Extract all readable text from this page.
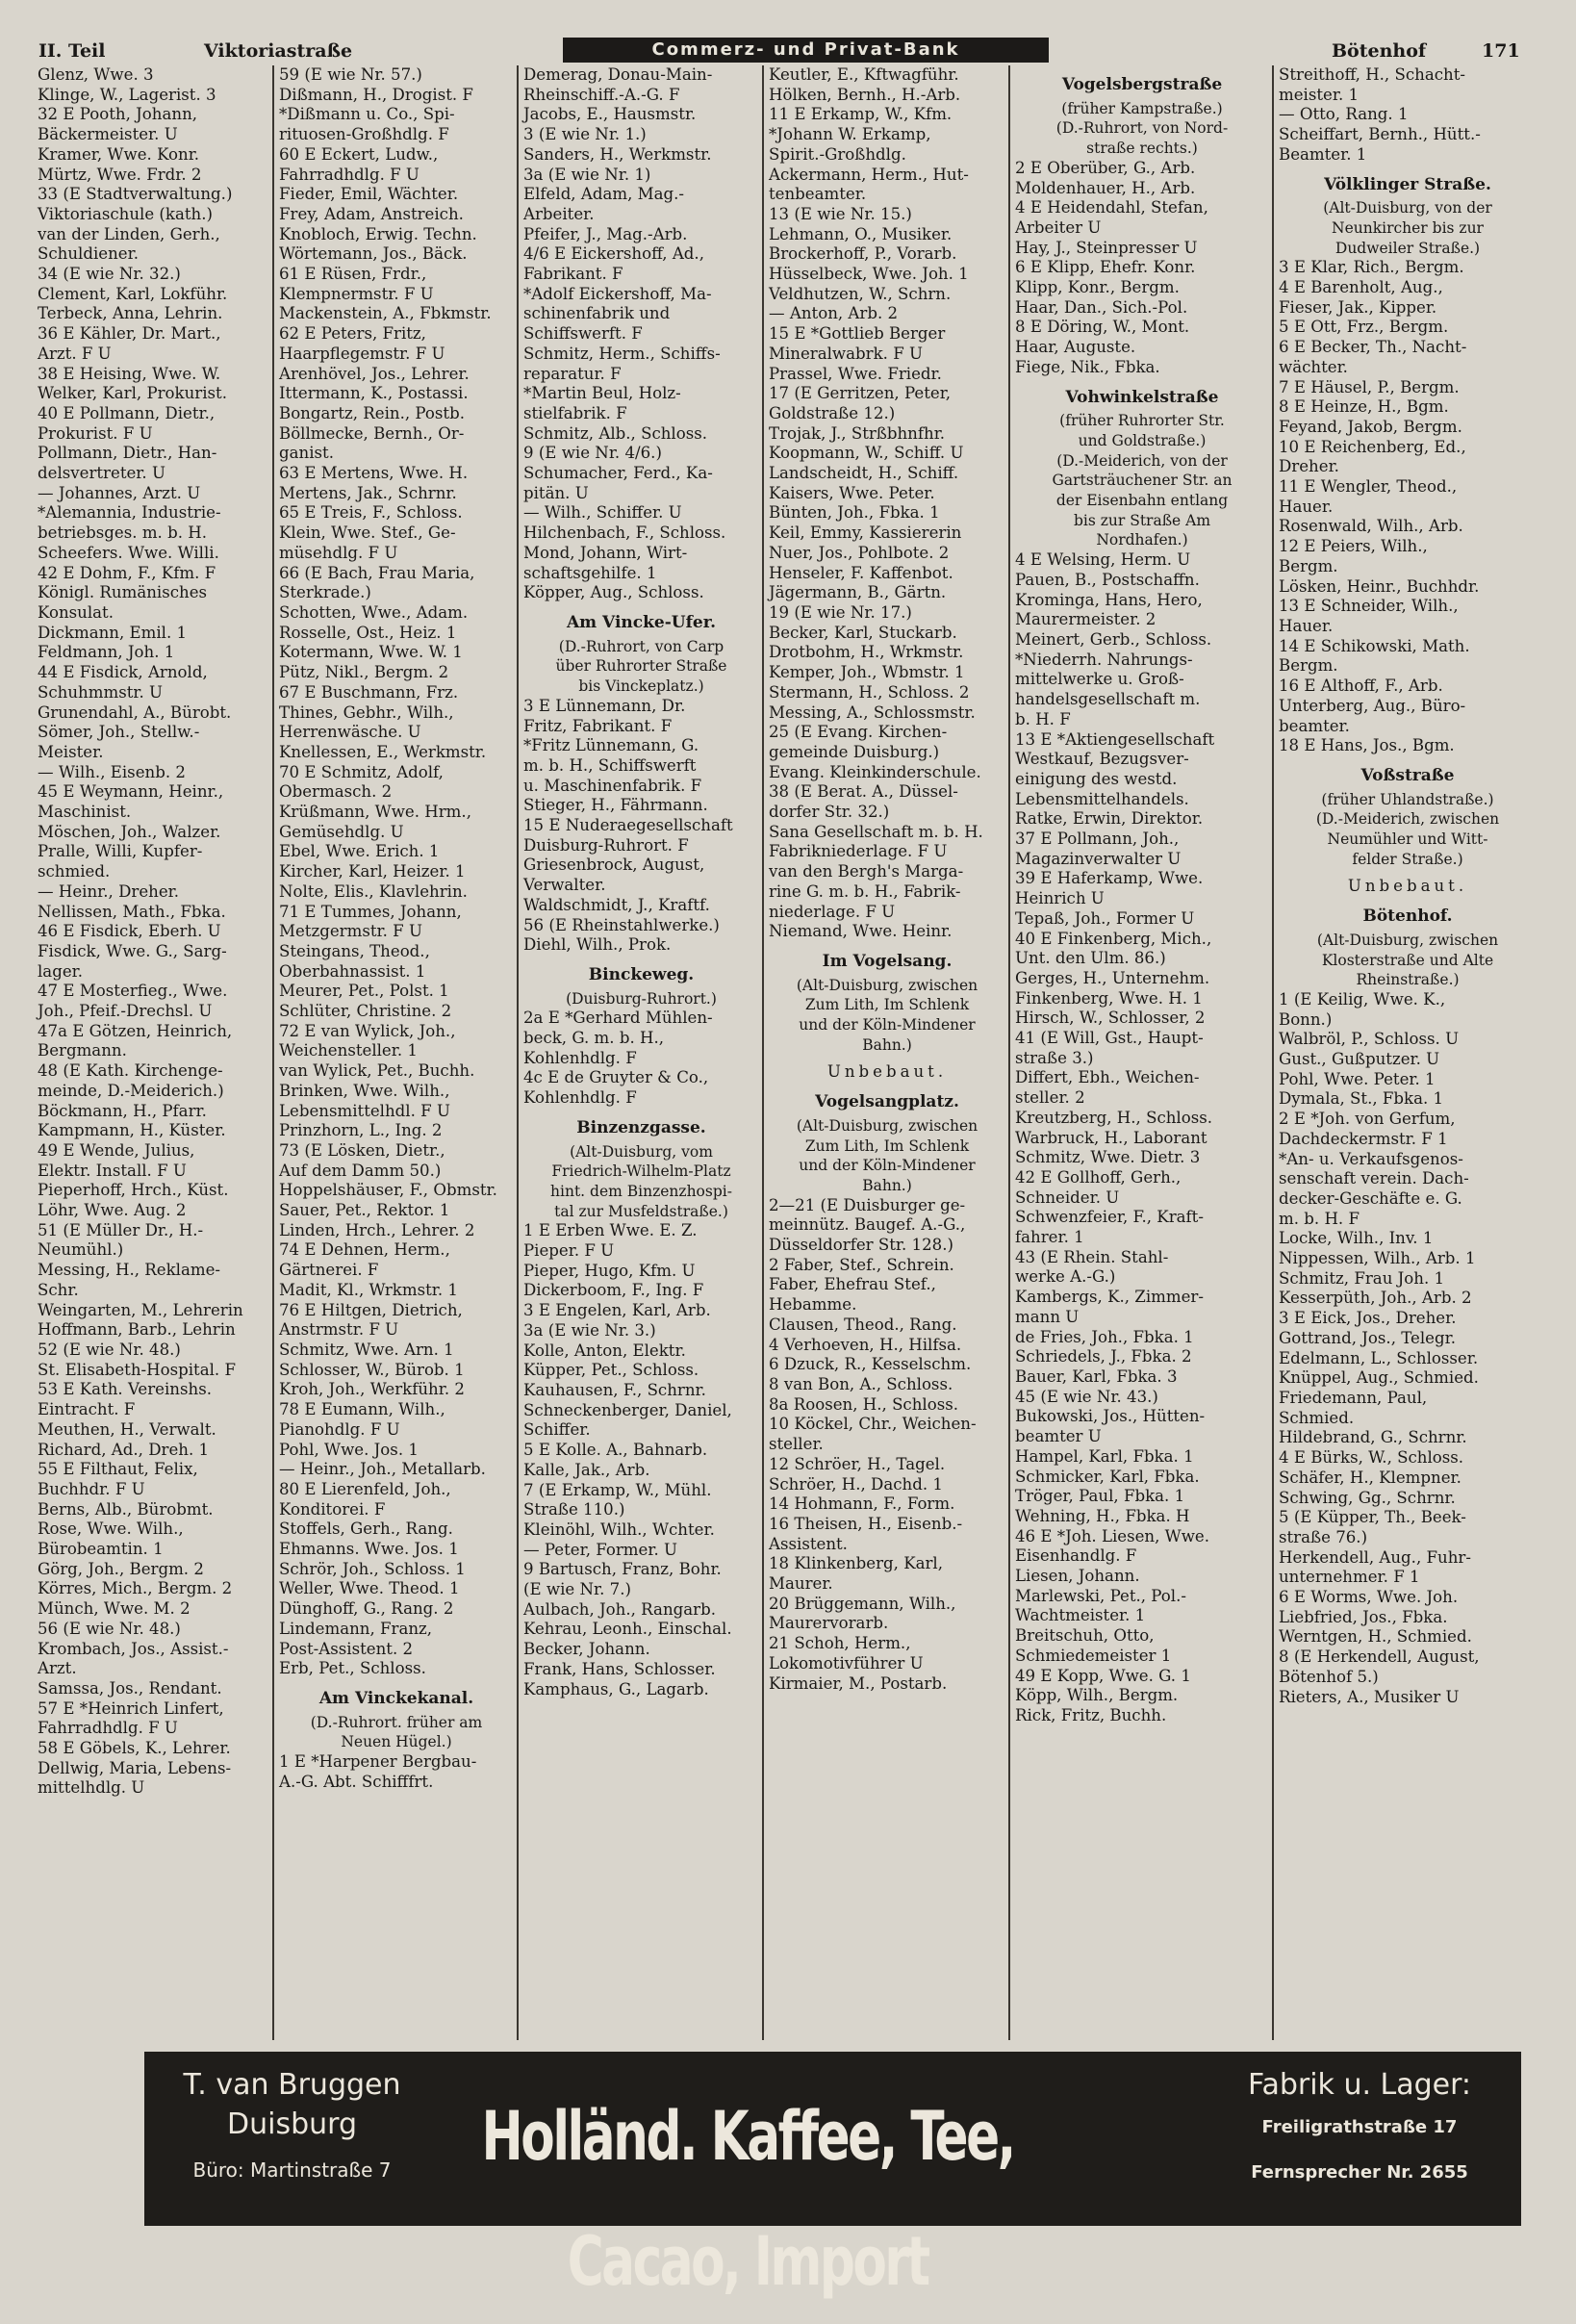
II. Teil	Viktoriastraße	Commerz- und Privat-Bank	Bötenhof	171
Glenz, Wwe. 3
Klinge, W., Lagerist. 3
32 E Pooth, Johann,
Bäckermeister. U
Kramer, Wwe. Konr.
Mürtz, Wwe. Frdr. 2
33 (E Stadtverwaltung.)
Viktoriaschule (kath.)
van der Linden, Gerh.,
Schuldiener.
34 (E wie Nr. 32.)
Clement, Karl, Lokführ.
Terbeck, Anna, Lehrin.
36 E Kähler, Dr. Mart.,
Arzt. F U
38 E Heising, Wwe. W.
Welker, Karl, Prokurist.
40 E Pollmann, Dietr.,
Prokurist. F U
Pollmann, Dietr., Han-
delsvertreter. U
— Johannes, Arzt. U
*Alemannia, Industrie-
betriebsges. m. b. H.
Scheefers. Wwe. Willi.
42 E Dohm, F., Kfm. F
Königl. Rumänisches
Konsulat.
Dickmann, Emil. 1
Feldmann, Joh. 1
44 E Fisdick, Arnold,
Schuhmmstr. U
Grunendahl, A., Bürobt.
Sömer, Joh., Stellw.-
Meister.
— Wilh., Eisenb. 2
45 E Weymann, Heinr.,
Maschinist.
Möschen, Joh., Walzer.
Pralle, Willi, Kupfer-
schmied.
— Heinr., Dreher.
Nellissen, Math., Fbka.
46 E Fisdick, Eberh. U
Fisdick, Wwe. G., Sarg-
lager.
47 E Mosterfieg., Wwe.
Joh., Pfeif.-Drechsl. U
47a E Götzen, Heinrich,
Bergmann.
48 (E Kath. Kirchenge-
meinde, D.-Meiderich.)
Böckmann, H., Pfarr.
Kampmann, H., Küster.
49 E Wende, Julius,
Elektr. Install. F U
Pieperhoff, Hrch., Küst.
Löhr, Wwe. Aug. 2
51 (E Müller Dr., H.-
Neumühl.)
Messing, H., Reklame-
Schr.
Weingarten, M., Lehrerin
Hoffmann, Barb., Lehrin
52 (E wie Nr. 48.)
St. Elisabeth-Hospital. F
53 E Kath. Vereinshs.
Eintracht. F
Meuthen, H., Verwalt.
Richard, Ad., Dreh. 1
55 E Filthaut, Felix,
Buchhdr. F U
Berns, Alb., Bürobmt.
Rose, Wwe. Wilh.,
Bürobeamtin. 1
Görg, Joh., Bergm. 2
Körres, Mich., Bergm. 2
Münch, Wwe. M. 2
56 (E wie Nr. 48.)
Krombach, Jos., Assist.-
Arzt.
Samssa, Jos., Rendant.
57 E *Heinrich Linfert,
Fahrradhdlg. F U
58 E Göbels, K., Lehrer.
Dellwig, Maria, Lebens-
mittelhdlg. U
59 (E wie Nr. 57.)
Dißmann, H., Drogist. F
*Dißmann u. Co., Spi-
rituosen-Großhdlg. F
60 E Eckert, Ludw.,
Fahrradhdlg. F U
Fieder, Emil, Wächter.
Frey, Adam, Anstreich.
Knobloch, Erwig. Techn.
Wörtemann, Jos., Bäck.
61 E Rüsen, Frdr.,
Klempnermstr. F U
Mackenstein, A., Fbkmstr.
62 E Peters, Fritz,
Haarpflegemstr. F U
Arenhövel, Jos., Lehrer.
Ittermann, K., Postassi.
Bongartz, Rein., Postb.
Böllmecke, Bernh., Or-
ganist.
63 E Mertens, Wwe. H.
Mertens, Jak., Schrnr.
65 E Treis, F., Schloss.
Klein, Wwe. Stef., Ge-
müsehdlg. F U
66 (E Bach, Frau Maria,
Sterkrade.)
Schotten, Wwe., Adam.
Rosselle, Ost., Heiz. 1
Kotermann, Wwe. W. 1
Pütz, Nikl., Bergm. 2
67 E Buschmann, Frz.
Thines, Gebhr., Wilh.,
Herrenwäsche. U
Knellessen, E., Werkmstr.
70 E Schmitz, Adolf,
Obermasch. 2
Krüßmann, Wwe. Hrm.,
Gemüsehdlg. U
Ebel, Wwe. Erich. 1
Kircher, Karl, Heizer. 1
Nolte, Elis., Klavlehrin.
71 E Tummes, Johann,
Metzgermstr. F U
Steingans, Theod.,
Oberbahnassist. 1
Meurer, Pet., Polst. 1
Schlüter, Christine. 2
72 E van Wylick, Joh.,
Weichensteller. 1
van Wylick, Pet., Buchh.
Brinken, Wwe. Wilh.,
Lebensmittelhdl. F U
Prinzhorn, L., Ing. 2
73 (E Lösken, Dietr.,
Auf dem Damm 50.)
Hoppelshäuser, F., Obmstr.
Sauer, Pet., Rektor. 1
Linden, Hrch., Lehrer. 2
74 E Dehnen, Herm.,
Gärtnerei. F
Madit, Kl., Wrkmstr. 1
76 E Hiltgen, Dietrich,
Anstrmstr. F U
Schmitz, Wwe. Arn. 1
Schlosser, W., Bürob. 1
Kroh, Joh., Werkführ. 2
78 E Eumann, Wilh.,
Pianohdlg. F U
Pohl, Wwe. Jos. 1
— Heinr., Joh., Metallarb.
80 E Lierenfeld, Joh.,
Konditorei. F
Stoffels, Gerh., Rang.
Ehmanns. Wwe. Jos. 1
Schrör, Joh., Schloss. 1
Weller, Wwe. Theod. 1
Dünghoff, G., Rang. 2
Lindemann, Franz,
Post-Assistent. 2
Erb, Pet., Schloss.
Am Vinckekanal.
(D.-Ruhrort. früher am
Neuen Hügel.)
1 E *Harpener Bergbau-
A.-G. Abt. Schifffrt.
Demerag, Donau-Main-
Rheinschiff.-A.-G. F
Jacobs, E., Hausmstr.
3 (E wie Nr. 1.)
Sanders, H., Werkmstr.
3a (E wie Nr. 1)
Elfeld, Adam, Mag.-
Arbeiter.
Pfeifer, J., Mag.-Arb.
4/6 E Eickershoff, Ad.,
Fabrikant. F
*Adolf Eickershoff, Ma-
schinenfabrik und
Schiffswerft. F
Schmitz, Herm., Schiffs-
reparatur. F
*Martin Beul, Holz-
stielfabrik. F
Schmitz, Alb., Schloss.
9 (E wie Nr. 4/6.)
Schumacher, Ferd., Ka-
pitän. U
— Wilh., Schiffer. U
Hilchenbach, F., Schloss.
Mond, Johann, Wirt-
schaftsgehilfe. 1
Köpper, Aug., Schloss.
Am Vincke-Ufer.
(D.-Ruhrort, von Carp
über Ruhrorter Straße
bis Vinckeplatz.)
3 E Lünnemann, Dr.
Fritz, Fabrikant. F
*Fritz Lünnemann, G.
m. b. H., Schiffswerft
u. Maschinenfabrik. F
Stieger, H., Fährmann.
15 E Nuderaegesellschaft
Duisburg-Ruhrort. F
Griesenbrock, August,
Verwalter.
Waldschmidt, J., Kraftf.
56 (E Rheinstahlwerke.)
Diehl, Wilh., Prok.
Binckeweg.
(Duisburg-Ruhrort.)
2a E *Gerhard Mühlen-
beck, G. m. b. H.,
Kohlenhdlg. F
4c E de Gruyter & Co.,
Kohlenhdlg. F
Binzenzgasse.
(Alt-Duisburg, vom
Friedrich-Wilhelm-Platz
hint. dem Binzenzhospi-
tal zur Musfeldstraße.)
1 E Erben Wwe. E. Z.
Pieper. F U
Pieper, Hugo, Kfm. U
Dickerboom, F., Ing. F
3 E Engelen, Karl, Arb.
3a (E wie Nr. 3.)
Kolle, Anton, Elektr.
Küpper, Pet., Schloss.
Kauhausen, F., Schrnr.
Schneckenberger, Daniel,
Schiffer.
5 E Kolle. A., Bahnarb.
Kalle, Jak., Arb.
7 (E Erkamp, W., Mühl.
Straße 110.)
Kleinöhl, Wilh., Wchter.
— Peter, Former. U
9 Bartusch, Franz, Bohr.
(E wie Nr. 7.)
Aulbach, Joh., Rangarb.
Kehrau, Leonh., Einschal.
Becker, Johann.
Frank, Hans, Schlosser.
Kamphaus, G., Lagarb.
Keutler, E., Kftwagführ.
Hölken, Bernh., H.-Arb.
11 E Erkamp, W., Kfm.
*Johann W. Erkamp,
Spirit.-Großhdlg.
Ackermann, Herm., Hut-
tenbeamter.
13 (E wie Nr. 15.)
Lehmann, O., Musiker.
Brockerhoff, P., Vorarb.
Hüsselbeck, Wwe. Joh. 1
Veldhutzen, W., Schrn.
— Anton, Arb. 2
15 E *Gottlieb Berger
Mineralwabrk. F U
Prassel, Wwe. Friedr.
17 (E Gerritzen, Peter,
Goldstraße 12.)
Trojak, J., Strßbhnfhr.
Koopmann, W., Schiff. U
Landscheidt, H., Schiff.
Kaisers, Wwe. Peter.
Bünten, Joh., Fbka. 1
Keil, Emmy, Kassiererin
Nuer, Jos., Pohlbote. 2
Henseler, F. Kaffenbot.
Jägermann, B., Gärtn.
19 (E wie Nr. 17.)
Becker, Karl, Stuckarb.
Drotbohm, H., Wrkmstr.
Kemper, Joh., Wbmstr. 1
Stermann, H., Schloss. 2
Messing, A., Schlossmstr.
25 (E Evang. Kirchen-
gemeinde Duisburg.)
Evang. Kleinkinderschule.
38 (E Berat. A., Düssel-
dorfer Str. 32.)
Sana Gesellschaft m. b. H.
Fabrikniederlage. F U
van den Bergh's Marga-
rine G. m. b. H., Fabrik-
niederlage. F U
Niemand, Wwe. Heinr.
Im Vogelsang.
(Alt-Duisburg, zwischen
Zum Lith, Im Schlenk
und der Köln-Mindener
Bahn.)
Unbebaut.
Vogelsangplatz.
(Alt-Duisburg, zwischen
Zum Lith, Im Schlenk
und der Köln-Mindener
Bahn.)
2—21 (E Duisburger ge-
meinnütz. Baugef. A.-G.,
Düsseldorfer Str. 128.)
2 Faber, Stef., Schrein.
Faber, Ehefrau Stef.,
Hebamme.
Clausen, Theod., Rang.
4 Verhoeven, H., Hilfsa.
6 Dzuck, R., Kesselschm.
8 van Bon, A., Schloss.
8a Roosen, H., Schloss.
10 Köckel, Chr., Weichen-
steller.
12 Schröer, H., Tagel.
Schröer, H., Dachd. 1
14 Hohmann, F., Form.
16 Theisen, H., Eisenb.-
Assistent.
18 Klinkenberg, Karl,
Maurer.
20 Brüggemann, Wilh.,
Maurervorarb.
21 Schoh, Herm.,
Lokomotivführer U
Kirmaier, M., Postarb.
Vogelsbergstraße
(früher Kampstraße.)
(D.-Ruhrort, von Nord-
straße rechts.)
2 E Oberüber, G., Arb.
Moldenhauer, H., Arb.
4 E Heidendahl, Stefan,
Arbeiter U
Hay, J., Steinpresser U
6 E Klipp, Ehefr. Konr.
Klipp, Konr., Bergm.
Haar, Dan., Sich.-Pol.
8 E Döring, W., Mont.
Haar, Auguste.
Fiege, Nik., Fbka.
Vohwinkelstraße
(früher Ruhrorter Str.
und Goldstraße.)
(D.-Meiderich, von der
Gartsträuchener Str. an
der Eisenbahn entlang
bis zur Straße Am
Nordhafen.)
4 E Welsing, Herm. U
Pauen, B., Postschaffn.
Krominga, Hans, Hero,
Maurermeister. 2
Meinert, Gerb., Schloss.
*Niederrh. Nahrungs-
mittelwerke u. Groß-
handelsgesellschaft m.
b. H. F
13 E *Aktiengesellschaft
Westkauf, Bezugsver-
einigung des westd.
Lebensmittelhandels.
Ratke, Erwin, Direktor.
37 E Pollmann, Joh.,
Magazinverwalter U
39 E Haferkamp, Wwe.
Heinrich U
Tepaß, Joh., Former U
40 E Finkenberg, Mich.,
Unt. den Ulm. 86.)
Gerges, H., Unternehm.
Finkenberg, Wwe. H. 1
Hirsch, W., Schlosser, 2
41 (E Will, Gst., Haupt-
straße 3.)
Differt, Ebh., Weichen-
steller. 2
Kreutzberg, H., Schloss.
Warbruck, H., Laborant
Schmitz, Wwe. Dietr. 3
42 E Gollhoff, Gerh.,
Schneider. U
Schwenzfeier, F., Kraft-
fahrer. 1
43 (E Rhein. Stahl-
werke A.-G.)
Kambergs, K., Zimmer-
mann U
de Fries, Joh., Fbka. 1
Schriedels, J., Fbka. 2
Bauer, Karl, Fbka. 3
45 (E wie Nr. 43.)
Bukowski, Jos., Hütten-
beamter U
Hampel, Karl, Fbka. 1
Schmicker, Karl, Fbka.
Tröger, Paul, Fbka. 1
Wehning, H., Fbka. H
46 E *Joh. Liesen, Wwe.
Eisenhandlg. F
Liesen, Johann.
Marlewski, Pet., Pol.-
Wachtmeister. 1
Breitschuh, Otto,
Schmiedemeister 1
49 E Kopp, Wwe. G. 1
Köpp, Wilh., Bergm.
Rick, Fritz, Buchh.
Streithoff, H., Schacht-
meister. 1
— Otto, Rang. 1
Scheiffart, Bernh., Hütt.-
Beamter. 1
Völklinger Straße.
(Alt-Duisburg, von der
Neunkircher bis zur
Dudweiler Straße.)
3 E Klar, Rich., Bergm.
4 E Barenholt, Aug.,
Fieser, Jak., Kipper.
5 E Ott, Frz., Bergm.
6 E Becker, Th., Nacht-
wächter.
7 E Häusel, P., Bergm.
8 E Heinze, H., Bgm.
Feyand, Jakob, Bergm.
10 E Reichenberg, Ed.,
Dreher.
11 E Wengler, Theod.,
Hauer.
Rosenwald, Wilh., Arb.
12 E Peiers, Wilh.,
Bergm.
Lösken, Heinr., Buchhdr.
13 E Schneider, Wilh.,
Hauer.
14 E Schikowski, Math.
Bergm.
16 E Althoff, F., Arb.
Unterberg, Aug., Büro-
beamter.
18 E Hans, Jos., Bgm.
Voßstraße
(früher Uhlandstraße.)
(D.-Meiderich, zwischen
Neumühler und Witt-
felder Straße.)
Unbebaut.
Bötenhof.
(Alt-Duisburg, zwischen
Klosterstraße und Alte
Rheinstraße.)
1 (E Keilig, Wwe. K.,
Bonn.)
Walbröl, P., Schloss. U
Gust., Gußputzer. U
Pohl, Wwe. Peter. 1
Dymala, St., Fbka. 1
2 E *Joh. von Gerfum,
Dachdeckermstr. F 1
*An- u. Verkaufsgenos-
senschaft verein. Dach-
decker-Geschäfte e. G.
m. b. H. F
Locke, Wilh., Inv. 1
Nippessen, Wilh., Arb. 1
Schmitz, Frau Joh. 1
Kesserpüth, Joh., Arb. 2
3 E Eick, Jos., Dreher.
Gottrand, Jos., Telegr.
Edelmann, L., Schlosser.
Knüppel, Aug., Schmied.
Friedemann, Paul,
Schmied.
Hildebrand, G., Schrnr.
4 E Bürks, W., Schloss.
Schäfer, H., Klempner.
Schwing, Gg., Schrnr.
5 (E Küpper, Th., Beek-
straße 76.)
Herkendell, Aug., Fuhr-
unternehmer. F 1
6 E Worms, Wwe. Joh.
Liebfried, Jos., Fbka.
Werntgen, H., Schmied.
8 (E Herkendell, August,
Bötenhof 5.)
Rieters, A., Musiker U
T. van Bruggen
Duisburg
Büro: Martinstraße 7	Holländ. Kaffee, Tee, Cacao, Import
Fabrik u. Lager:
Freiligrathstraße 17
Fernsprecher Nr. 2655
